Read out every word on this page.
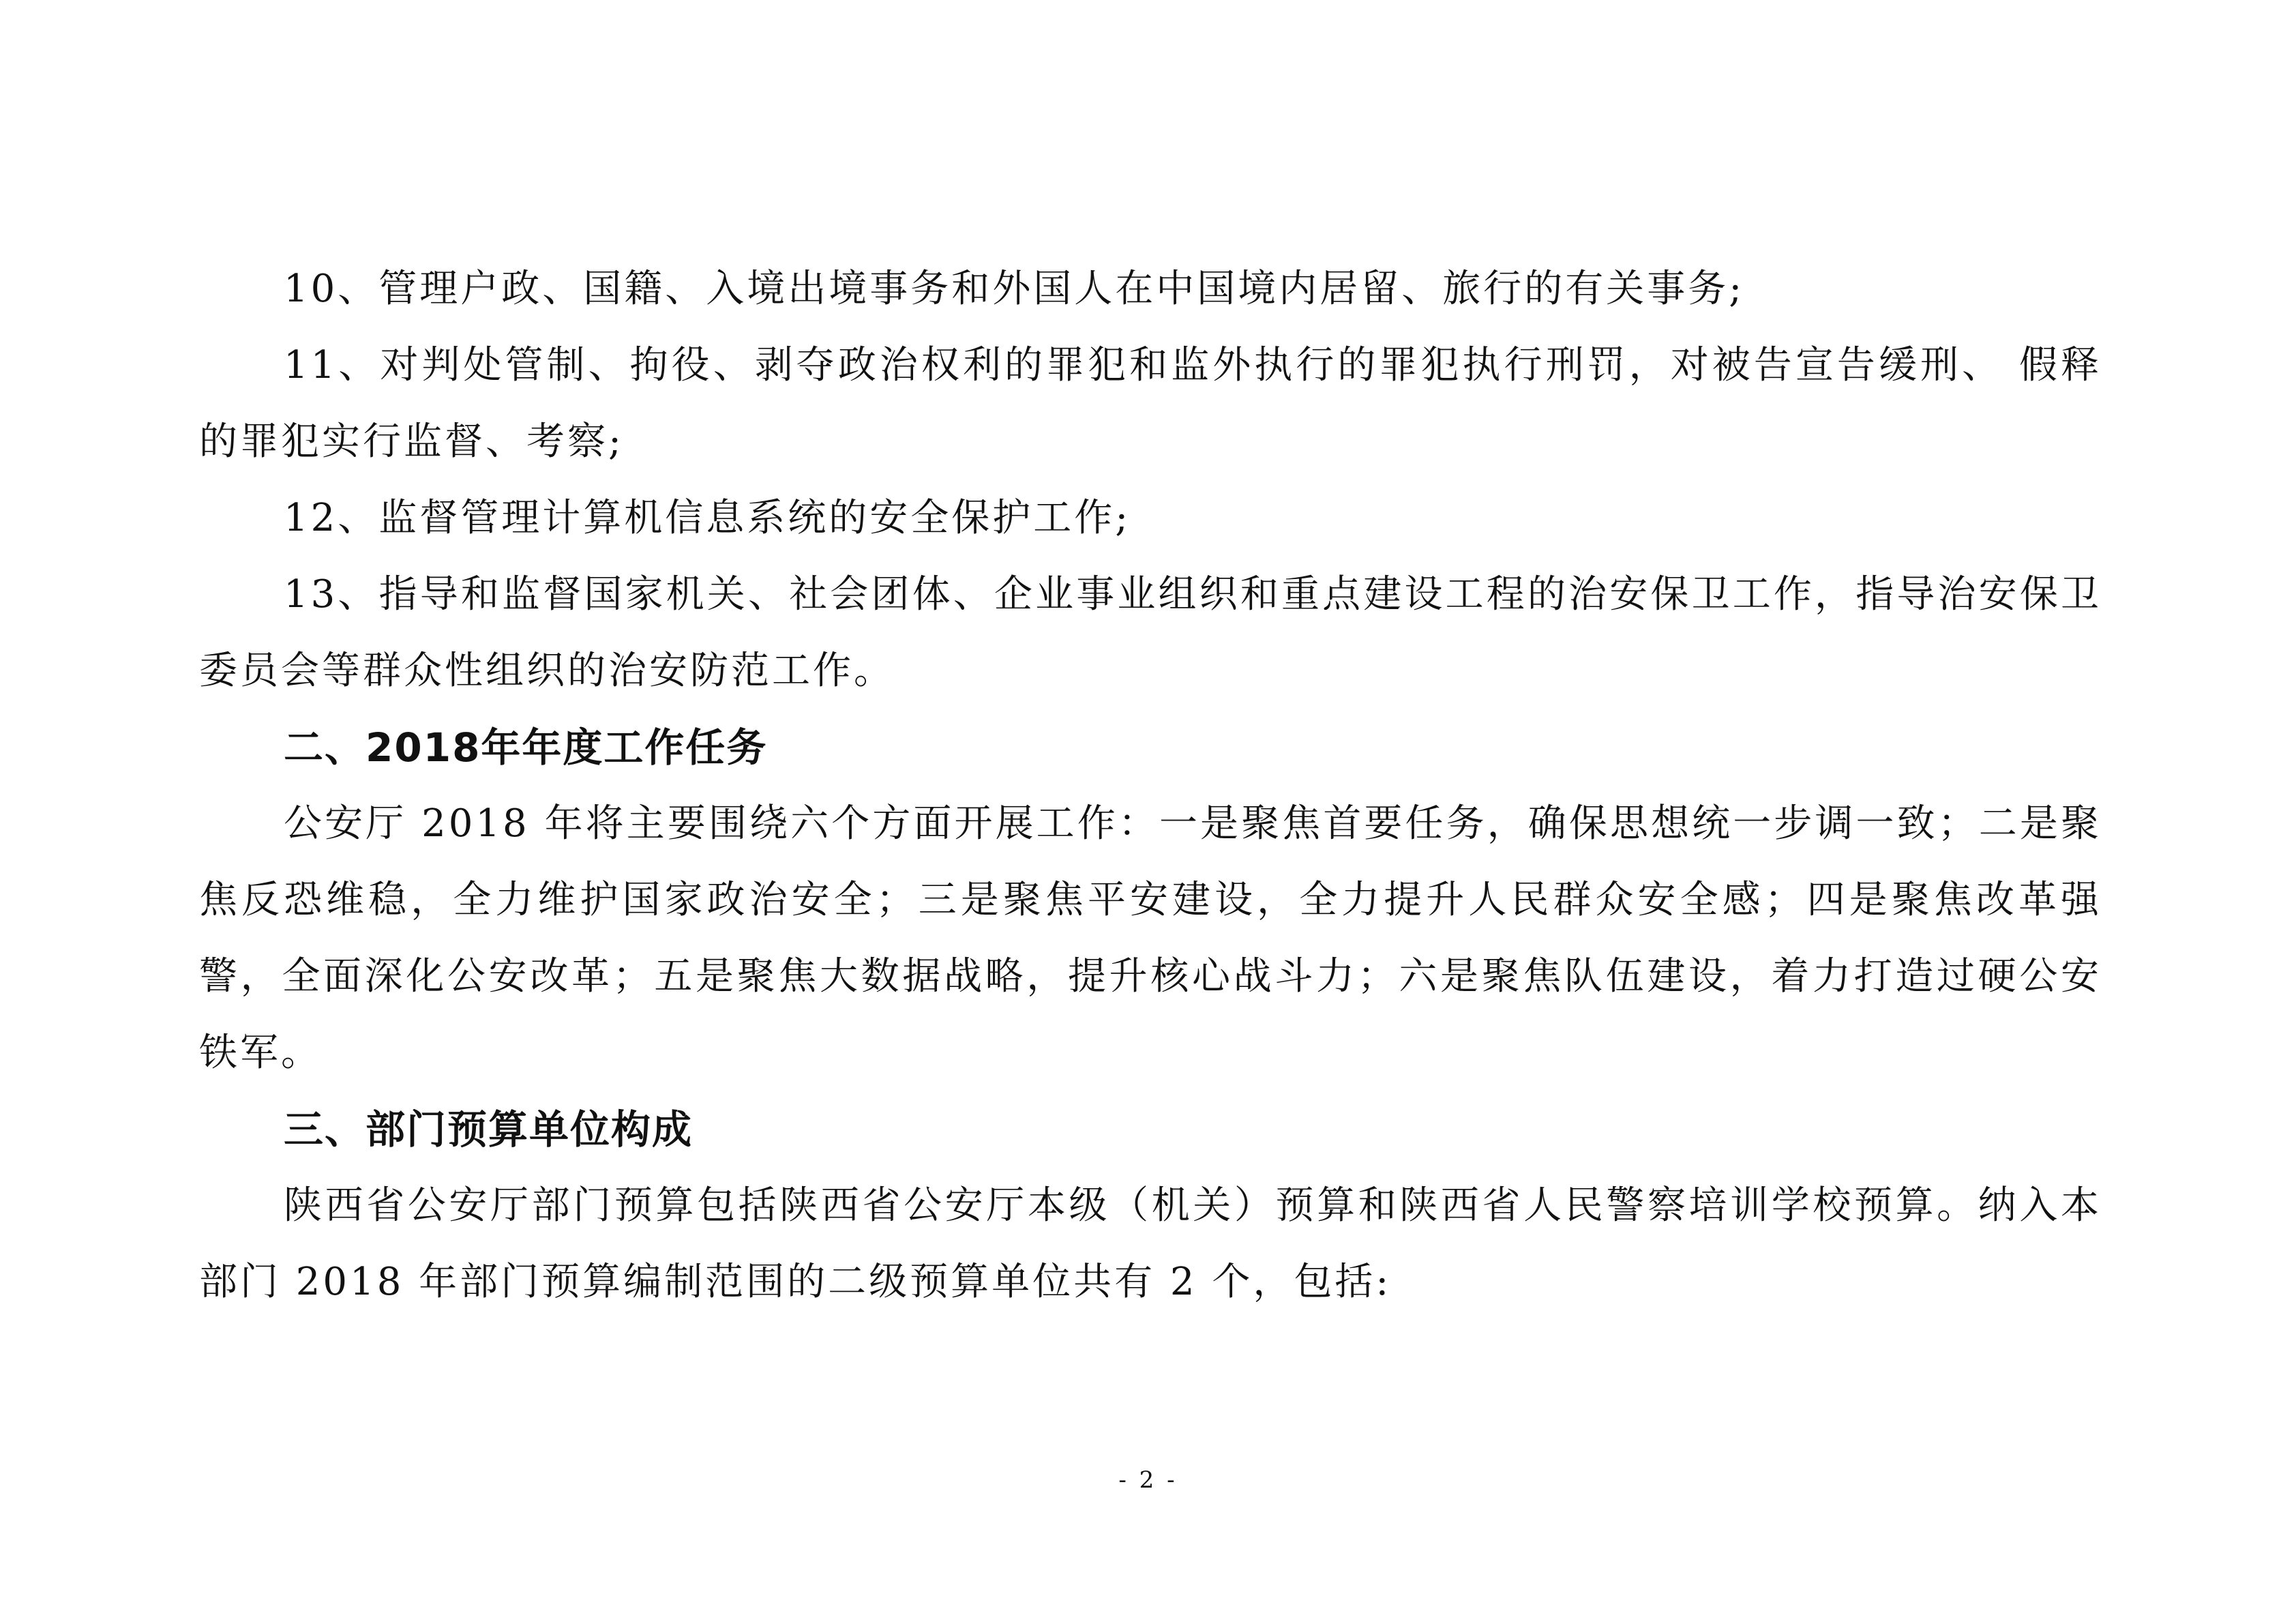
10、管理户政、国籍、入境出境事务和外国人在中国境内居留、旅行的有关事务;

11、对判处管制、拘役、剥夺政治权利的罪犯和监外执行的罪犯执行刑罚，对被告宣告缓刑、 假释的罪犯实行监督、考察;

12、监督管理计算机信息系统的安全保护工作;

13、指导和监督国家机关、社会团体、企业事业组织和重点建设工程的治安保卫工作，指导治安保卫委员会等群众性组织的治安防范工作。

二、2018年年度工作任务

公安厅 2018 年将主要围绕六个方面开展工作：一是聚焦首要任务，确保思想统一步调一致；二是聚焦反恐维稳，全力维护国家政治安全；三是聚焦平安建设，全力提升人民群众安全感；四是聚焦改革强警，全面深化公安改革；五是聚焦大数据战略，提升核心战斗力；六是聚焦队伍建设，着力打造过硬公安铁军。

三、部门预算单位构成

陕西省公安厅部门预算包括陕西省公安厅本级（机关）预算和陕西省人民警察培训学校预算。纳入本部门 2018 年部门预算编制范围的二级预算单位共有 2 个，包括:

- 2 -
